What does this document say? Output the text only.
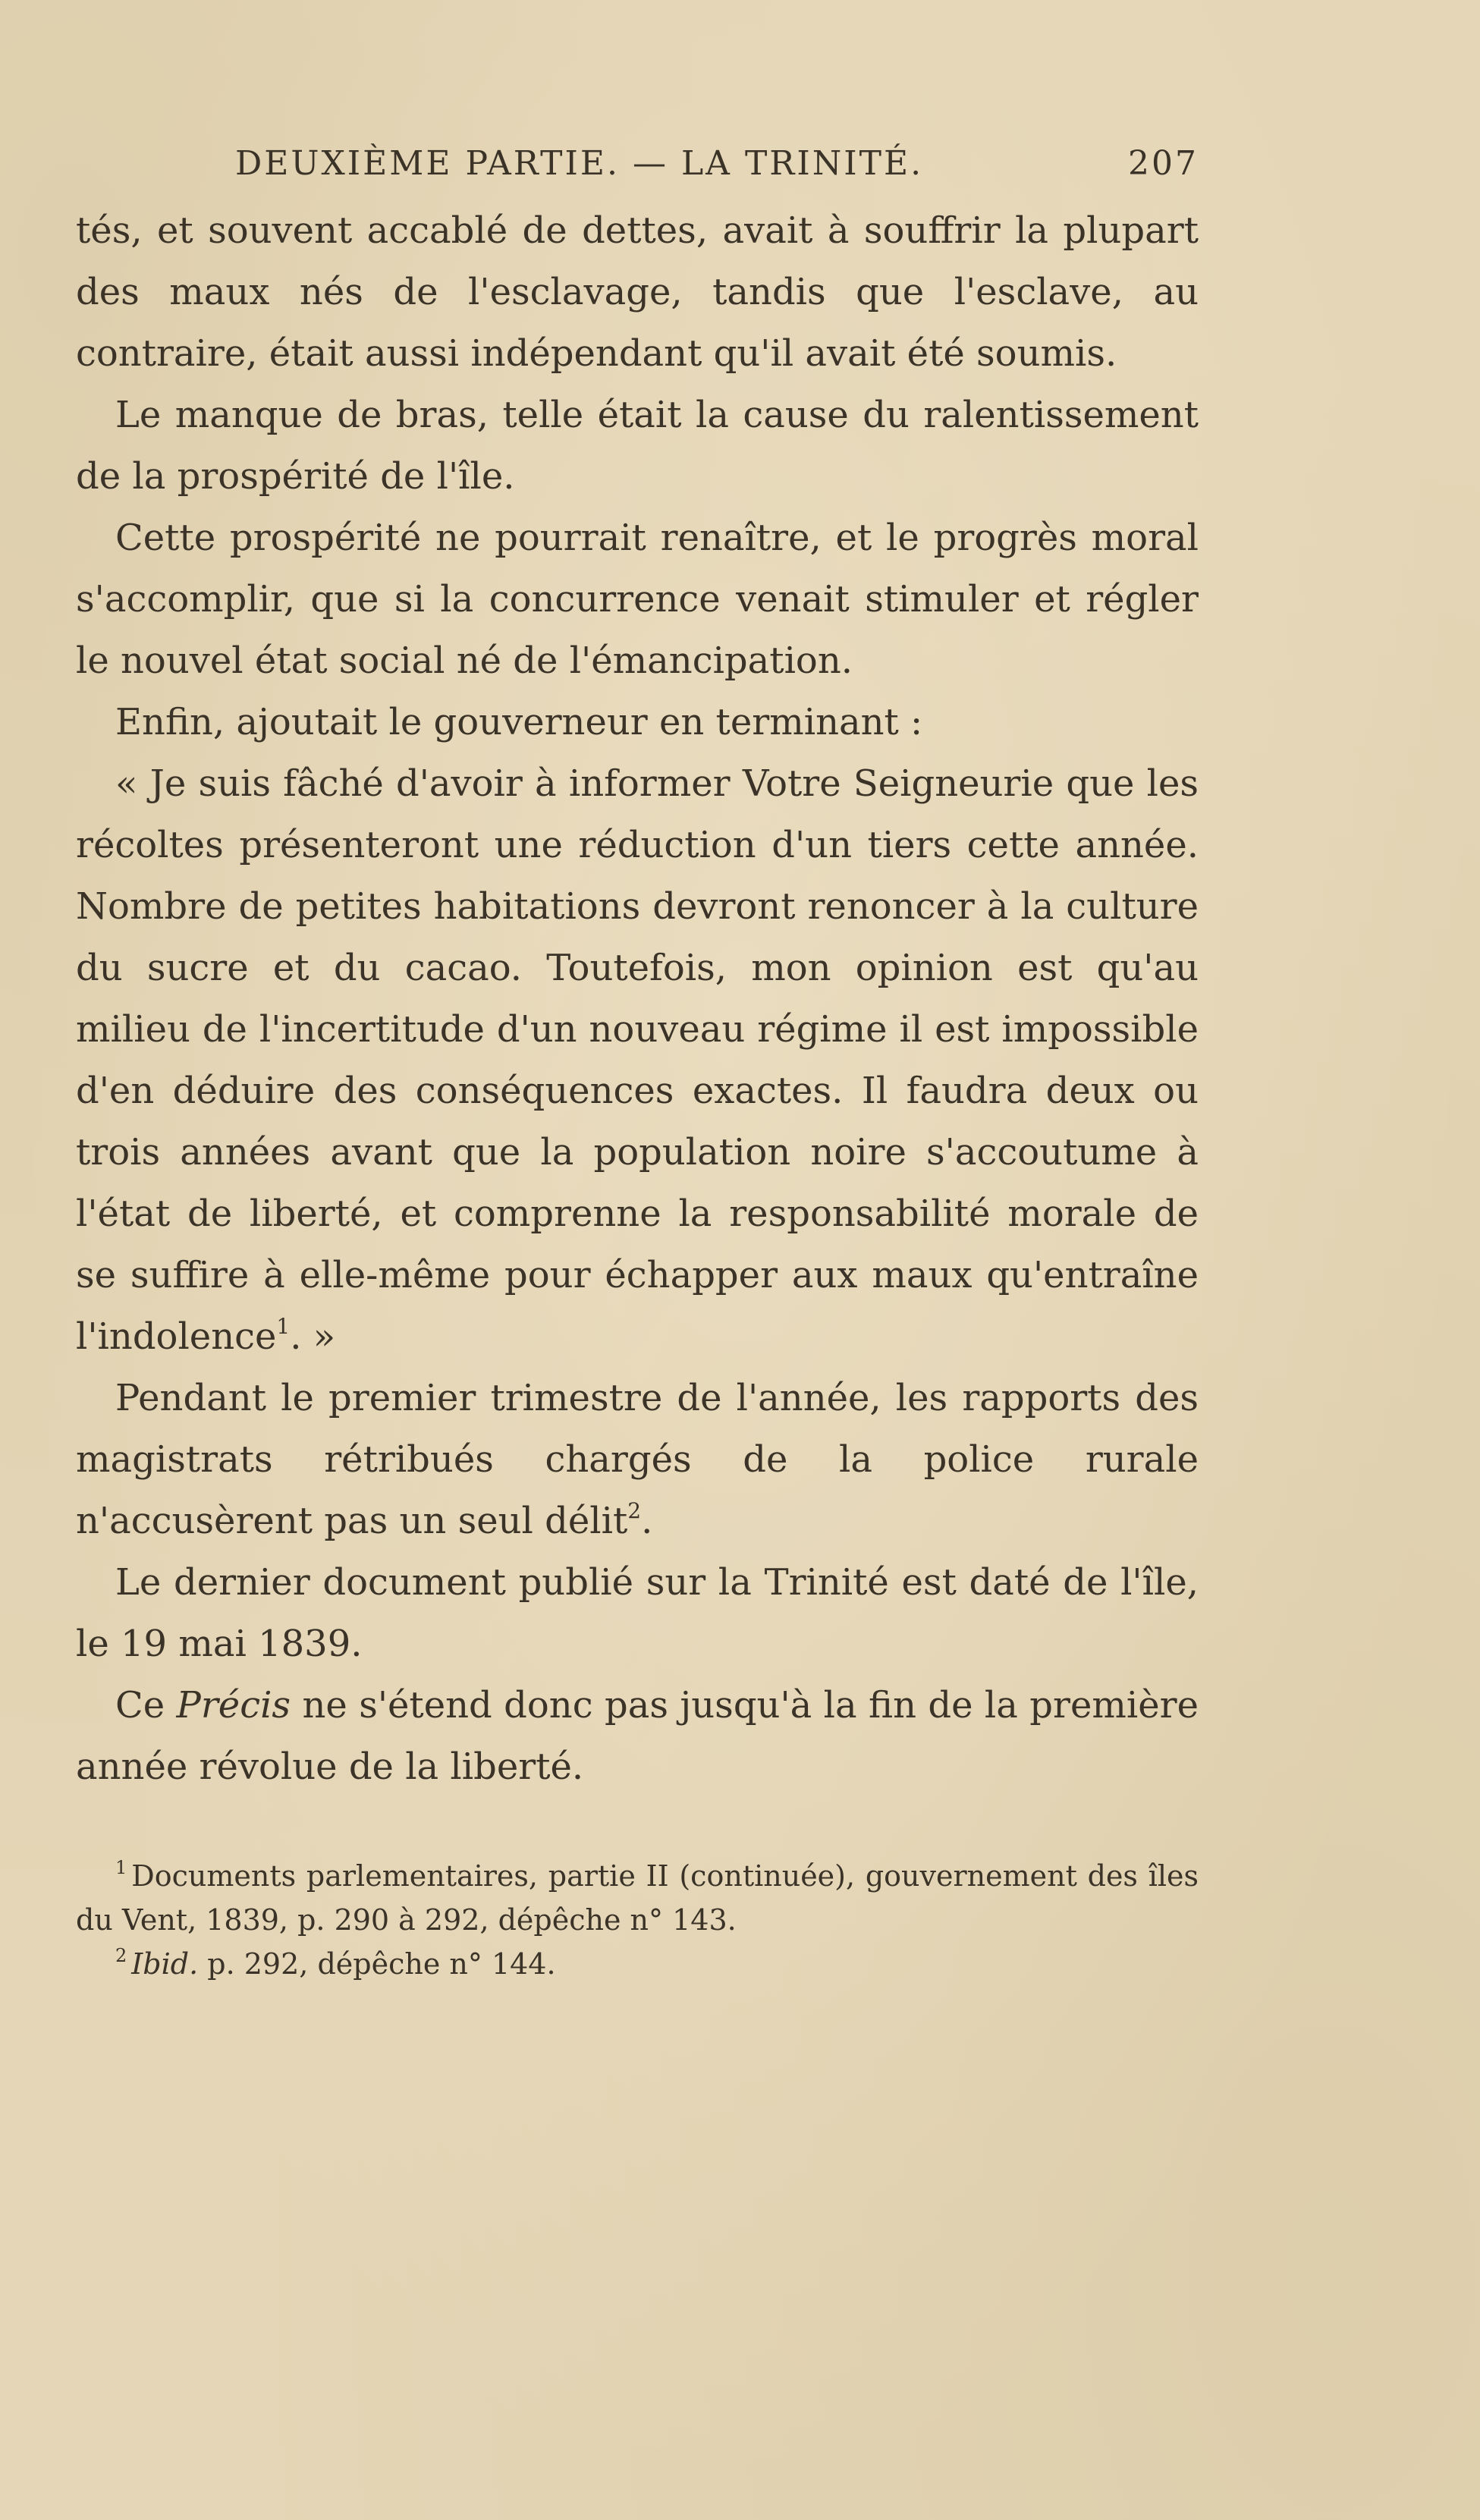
DEUXIÈME PARTIE. — LA TRINITÉ.	207

tés, et souvent accablé de dettes, avait à souffrir la plupart des maux nés de l'esclavage, tandis que l'esclave, au contraire, était aussi indépendant qu'il avait été soumis.

Le manque de bras, telle était la cause du ralentissement de la prospérité de l'île.

Cette prospérité ne pourrait renaître, et le progrès moral s'accomplir, que si la concurrence venait stimuler et régler le nouvel état social né de l'émancipation.

Enfin, ajoutait le gouverneur en terminant :

« Je suis fâché d'avoir à informer Votre Seigneurie que les récoltes présenteront une réduction d'un tiers cette année. Nombre de petites habitations devront renoncer à la culture du sucre et du cacao. Toutefois, mon opinion est qu'au milieu de l'incertitude d'un nouveau régime il est impossible d'en déduire des conséquences exactes. Il faudra deux ou trois années avant que la population noire s'accoutume à l'état de liberté, et comprenne la responsabilité morale de se suffire à elle-même pour échapper aux maux qu'entraîne l'indolence$^1$. »

Pendant le premier trimestre de l'année, les rapports des magistrats rétribués chargés de la police rurale n'accusèrent pas un seul délit$^2$.

Le dernier document publié sur la Trinité est daté de l'île, le 19 mai 1839.

Ce Précis ne s'étend donc pas jusqu'à la fin de la première année révolue de la liberté.

$^1$ Documents parlementaires, partie II (continuée), gouvernement des îles du Vent, 1839, p. 290 à 292, dépêche n° 143.

$^2$ Ibid. p. 292, dépêche n° 144.
